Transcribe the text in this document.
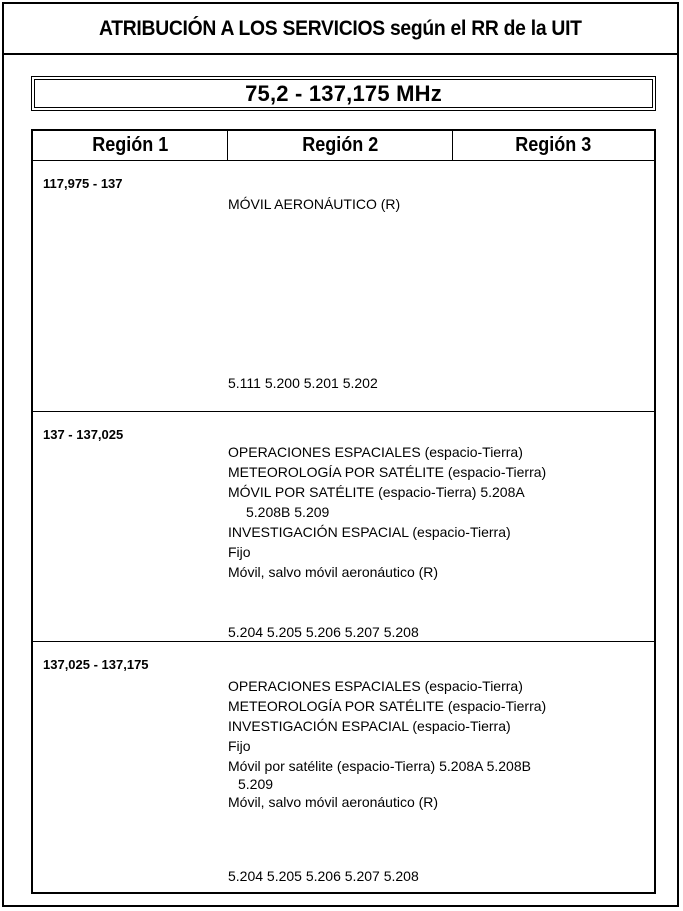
ATRIBUCIÓN A LOS SERVICIOS según el RR de la UIT
75,2 - 137,175 MHz
Región 1	Región 2	Región 3
117,975 - 137
MÓVIL AERONÁUTICO (R)
5.111 5.200 5.201 5.202
137 - 137,025
OPERACIONES ESPACIALES (espacio-Tierra)
METEOROLOGÍA POR SATÉLITE (espacio-Tierra)
MÓVIL POR SATÉLITE (espacio-Tierra) 5.208A
5.208B 5.209
INVESTIGACIÓN ESPACIAL (espacio-Tierra)
Fijo
Móvil, salvo móvil aeronáutico (R)
5.204 5.205 5.206 5.207 5.208
137,025 - 137,175
OPERACIONES ESPACIALES (espacio-Tierra)
METEOROLOGÍA POR SATÉLITE (espacio-Tierra)
INVESTIGACIÓN ESPACIAL (espacio-Tierra)
Fijo
Móvil por satélite (espacio-Tierra) 5.208A 5.208B
5.209
Móvil, salvo móvil aeronáutico (R)
5.204 5.205 5.206 5.207 5.208
